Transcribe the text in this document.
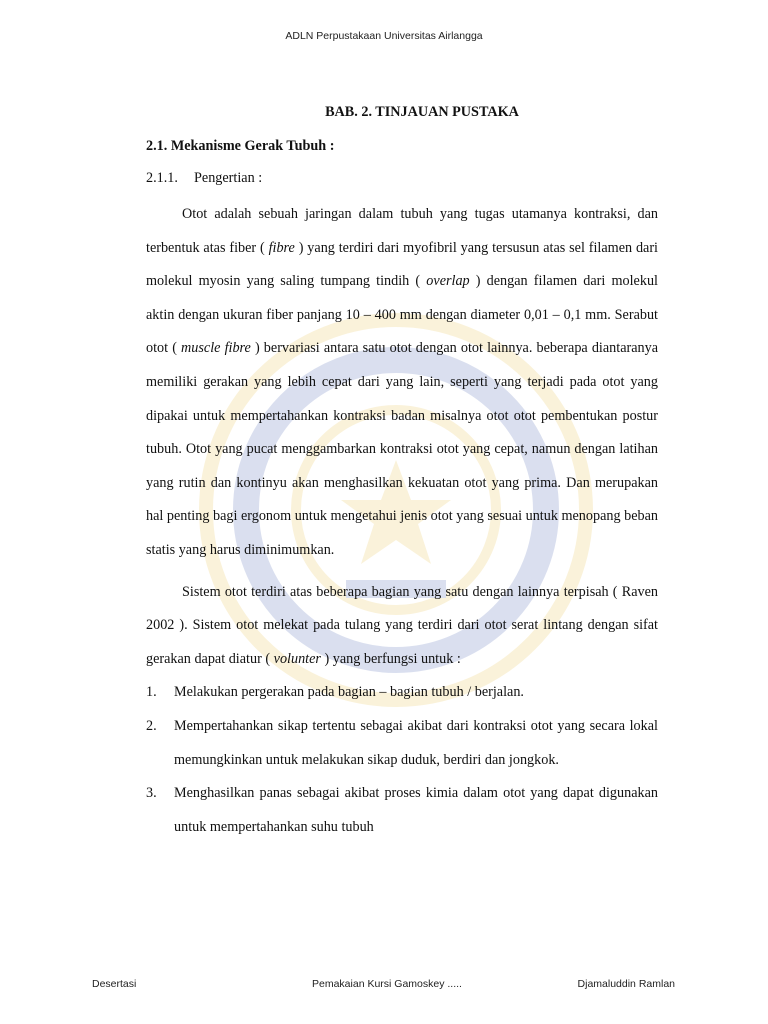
ADLN Perpustakaan Universitas Airlangga
BAB. 2. TINJAUAN PUSTAKA
2.1. Mekanisme Gerak Tubuh :
2.1.1. Pengertian :

Otot adalah sebuah jaringan dalam tubuh yang tugas utamanya kontraksi, dan terbentuk atas fiber ( fibre ) yang terdiri dari myofibril yang tersusun atas sel filamen dari molekul myosin yang saling tumpang tindih ( overlap ) dengan filamen dari molekul aktin dengan ukuran fiber panjang 10 – 400 mm dengan diameter 0,01 – 0,1 mm. Serabut otot ( muscle fibre ) bervariasi antara satu otot dengan otot lainnya. beberapa diantaranya memiliki gerakan yang lebih cepat dari yang lain, seperti yang terjadi pada otot yang dipakai untuk mempertahankan kontraksi badan misalnya otot otot pembentukan postur tubuh. Otot yang pucat menggambarkan kontraksi otot yang cepat, namun dengan latihan yang rutin dan kontinyu akan menghasilkan kekuatan otot yang prima. Dan merupakan hal penting bagi ergonom untuk mengetahui jenis otot yang sesuai untuk menopang beban statis yang harus diminimumkan.

Sistem otot terdiri atas beberapa bagian yang satu dengan lainnya terpisah ( Raven 2002 ). Sistem otot melekat pada tulang yang terdiri dari otot serat lintang dengan sifat gerakan dapat diatur ( volunter ) yang berfungsi untuk :

1. Melakukan pergerakan pada bagian – bagian tubuh / berjalan.
2. Mempertahankan sikap tertentu sebagai akibat dari kontraksi otot yang secara lokal memungkinkan untuk melakukan sikap duduk, berdiri dan jongkok.
3. Menghasilkan panas sebagai akibat proses kimia dalam otot yang dapat digunakan untuk mempertahankan suhu tubuh
Desertasi	Pemakaian Kursi Gamoskey .....	Djamaluddin Ramlan
